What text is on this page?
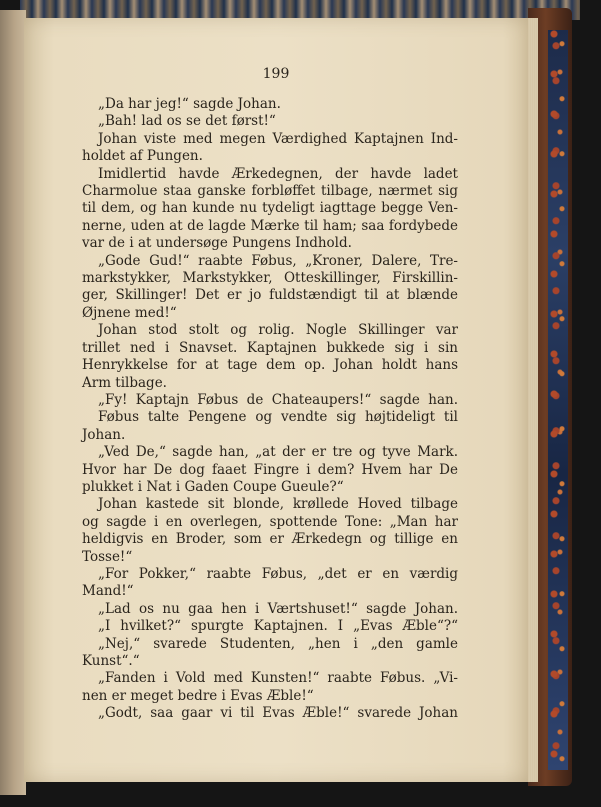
199
„Da har jeg!“ sagde Johan.
„Bah! lad os se det først!“
Johan viste med megen Værdighed Kaptajnen Ind-
holdet af Pungen.
Imidlertid havde Ærkedegnen, der havde ladet
Charmolue staa ganske forbløffet tilbage, nærmet sig
til dem, og han kunde nu tydeligt iagttage begge Ven-
nerne, uden at de lagde Mærke til ham; saa fordybede
var de i at undersøge Pungens Indhold.
„Gode Gud!“ raabte Føbus, „Kroner, Dalere, Tre-
markstykker, Markstykker, Otteskillinger, Firskillin-
ger, Skillinger! Det er jo fuldstændigt til at blænde
Øjnene med!“
Johan stod stolt og rolig. Nogle Skillinger var
trillet ned i Snavset. Kaptajnen bukkede sig i sin
Henrykkelse for at tage dem op. Johan holdt hans
Arm tilbage.
„Fy! Kaptajn Føbus de Chateaupers!“ sagde han.
Føbus talte Pengene og vendte sig højtideligt til
Johan.
„Ved De,“ sagde han, „at der er tre og tyve Mark.
Hvor har De dog faaet Fingre i dem? Hvem har De
plukket i Nat i Gaden Coupe Gueule?“
Johan kastede sit blonde, krøllede Hoved tilbage
og sagde i en overlegen, spottende Tone: „Man har
heldigvis en Broder, som er Ærkedegn og tillige en
Tosse!“
„For Pokker,“ raabte Føbus, „det er en værdig
Mand!“
„Lad os nu gaa hen i Værtshuset!“ sagde Johan.
„I hvilket?“ spurgte Kaptajnen. I „Evas Æble“?“
„Nej,“ svarede Studenten, „hen i „den gamle
Kunst“.“
„Fanden i Vold med Kunsten!“ raabte Føbus. „Vi-
nen er meget bedre i Evas Æble!“
„Godt, saa gaar vi til Evas Æble!“ svarede Johan
